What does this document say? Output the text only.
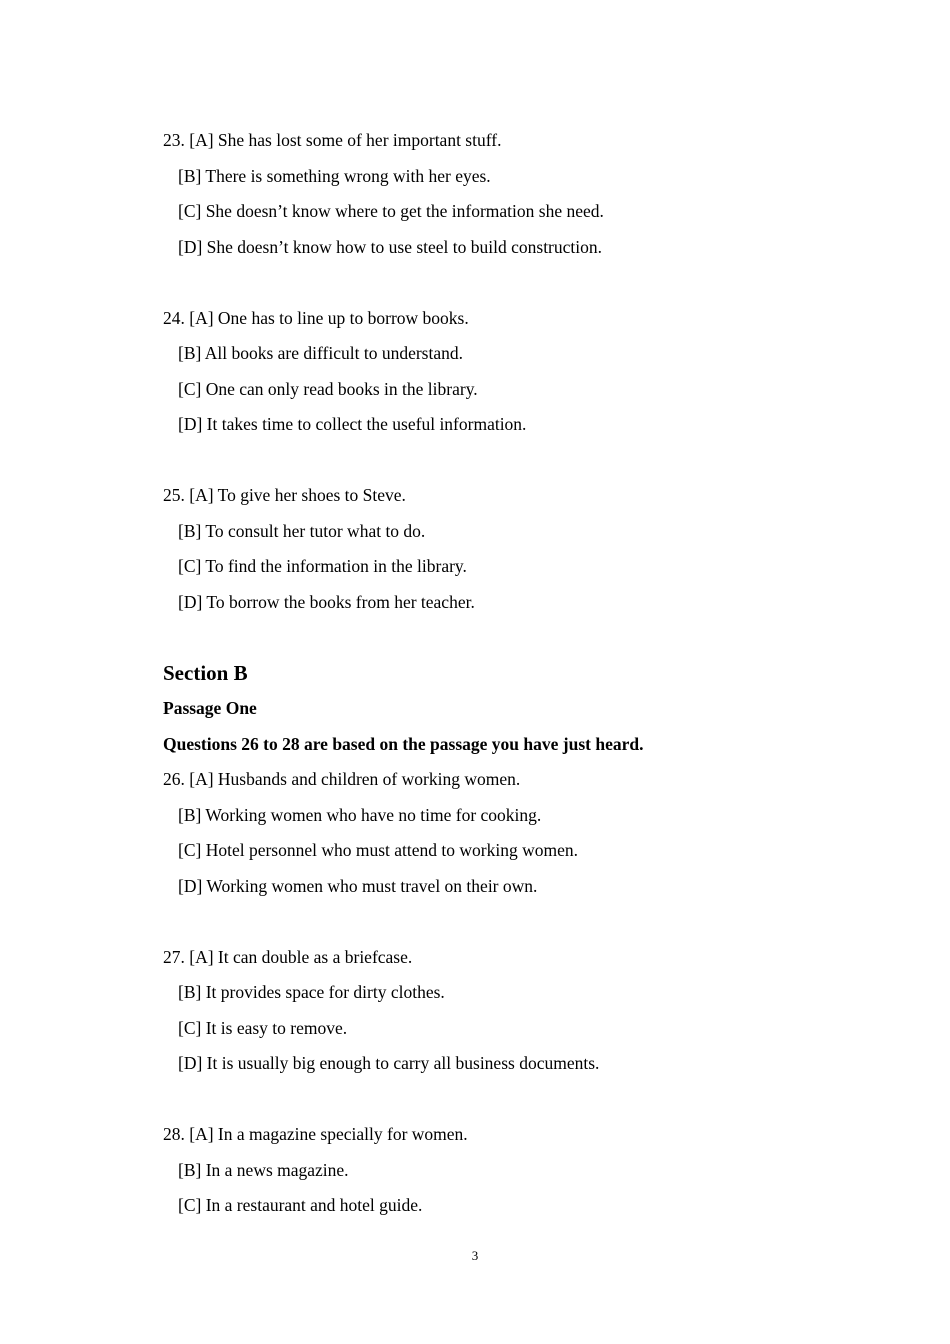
23. [A] She has lost some of her important stuff.
[B] There is something wrong with her eyes.
[C] She doesn’t know where to get the information she need.
[D] She doesn’t know how to use steel to build construction.
24. [A] One has to line up to borrow books.
[B] All books are difficult to understand.
[C] One can only read books in the library.
[D] It takes time to collect the useful information.
25. [A] To give her shoes to Steve.
[B] To consult her tutor what to do.
[C] To find the information in the library.
[D] To borrow the books from her teacher.
Section B
Passage One
Questions 26 to 28 are based on the passage you have just heard.
26. [A] Husbands and children of working women.
[B] Working women who have no time for cooking.
[C] Hotel personnel who must attend to working women.
[D] Working women who must travel on their own.
27. [A] It can double as a briefcase.
[B] It provides space for dirty clothes.
[C] It is easy to remove.
[D] It is usually big enough to carry all business documents.
28. [A] In a magazine specially for women.
[B] In a news magazine.
[C] In a restaurant and hotel guide.
3
